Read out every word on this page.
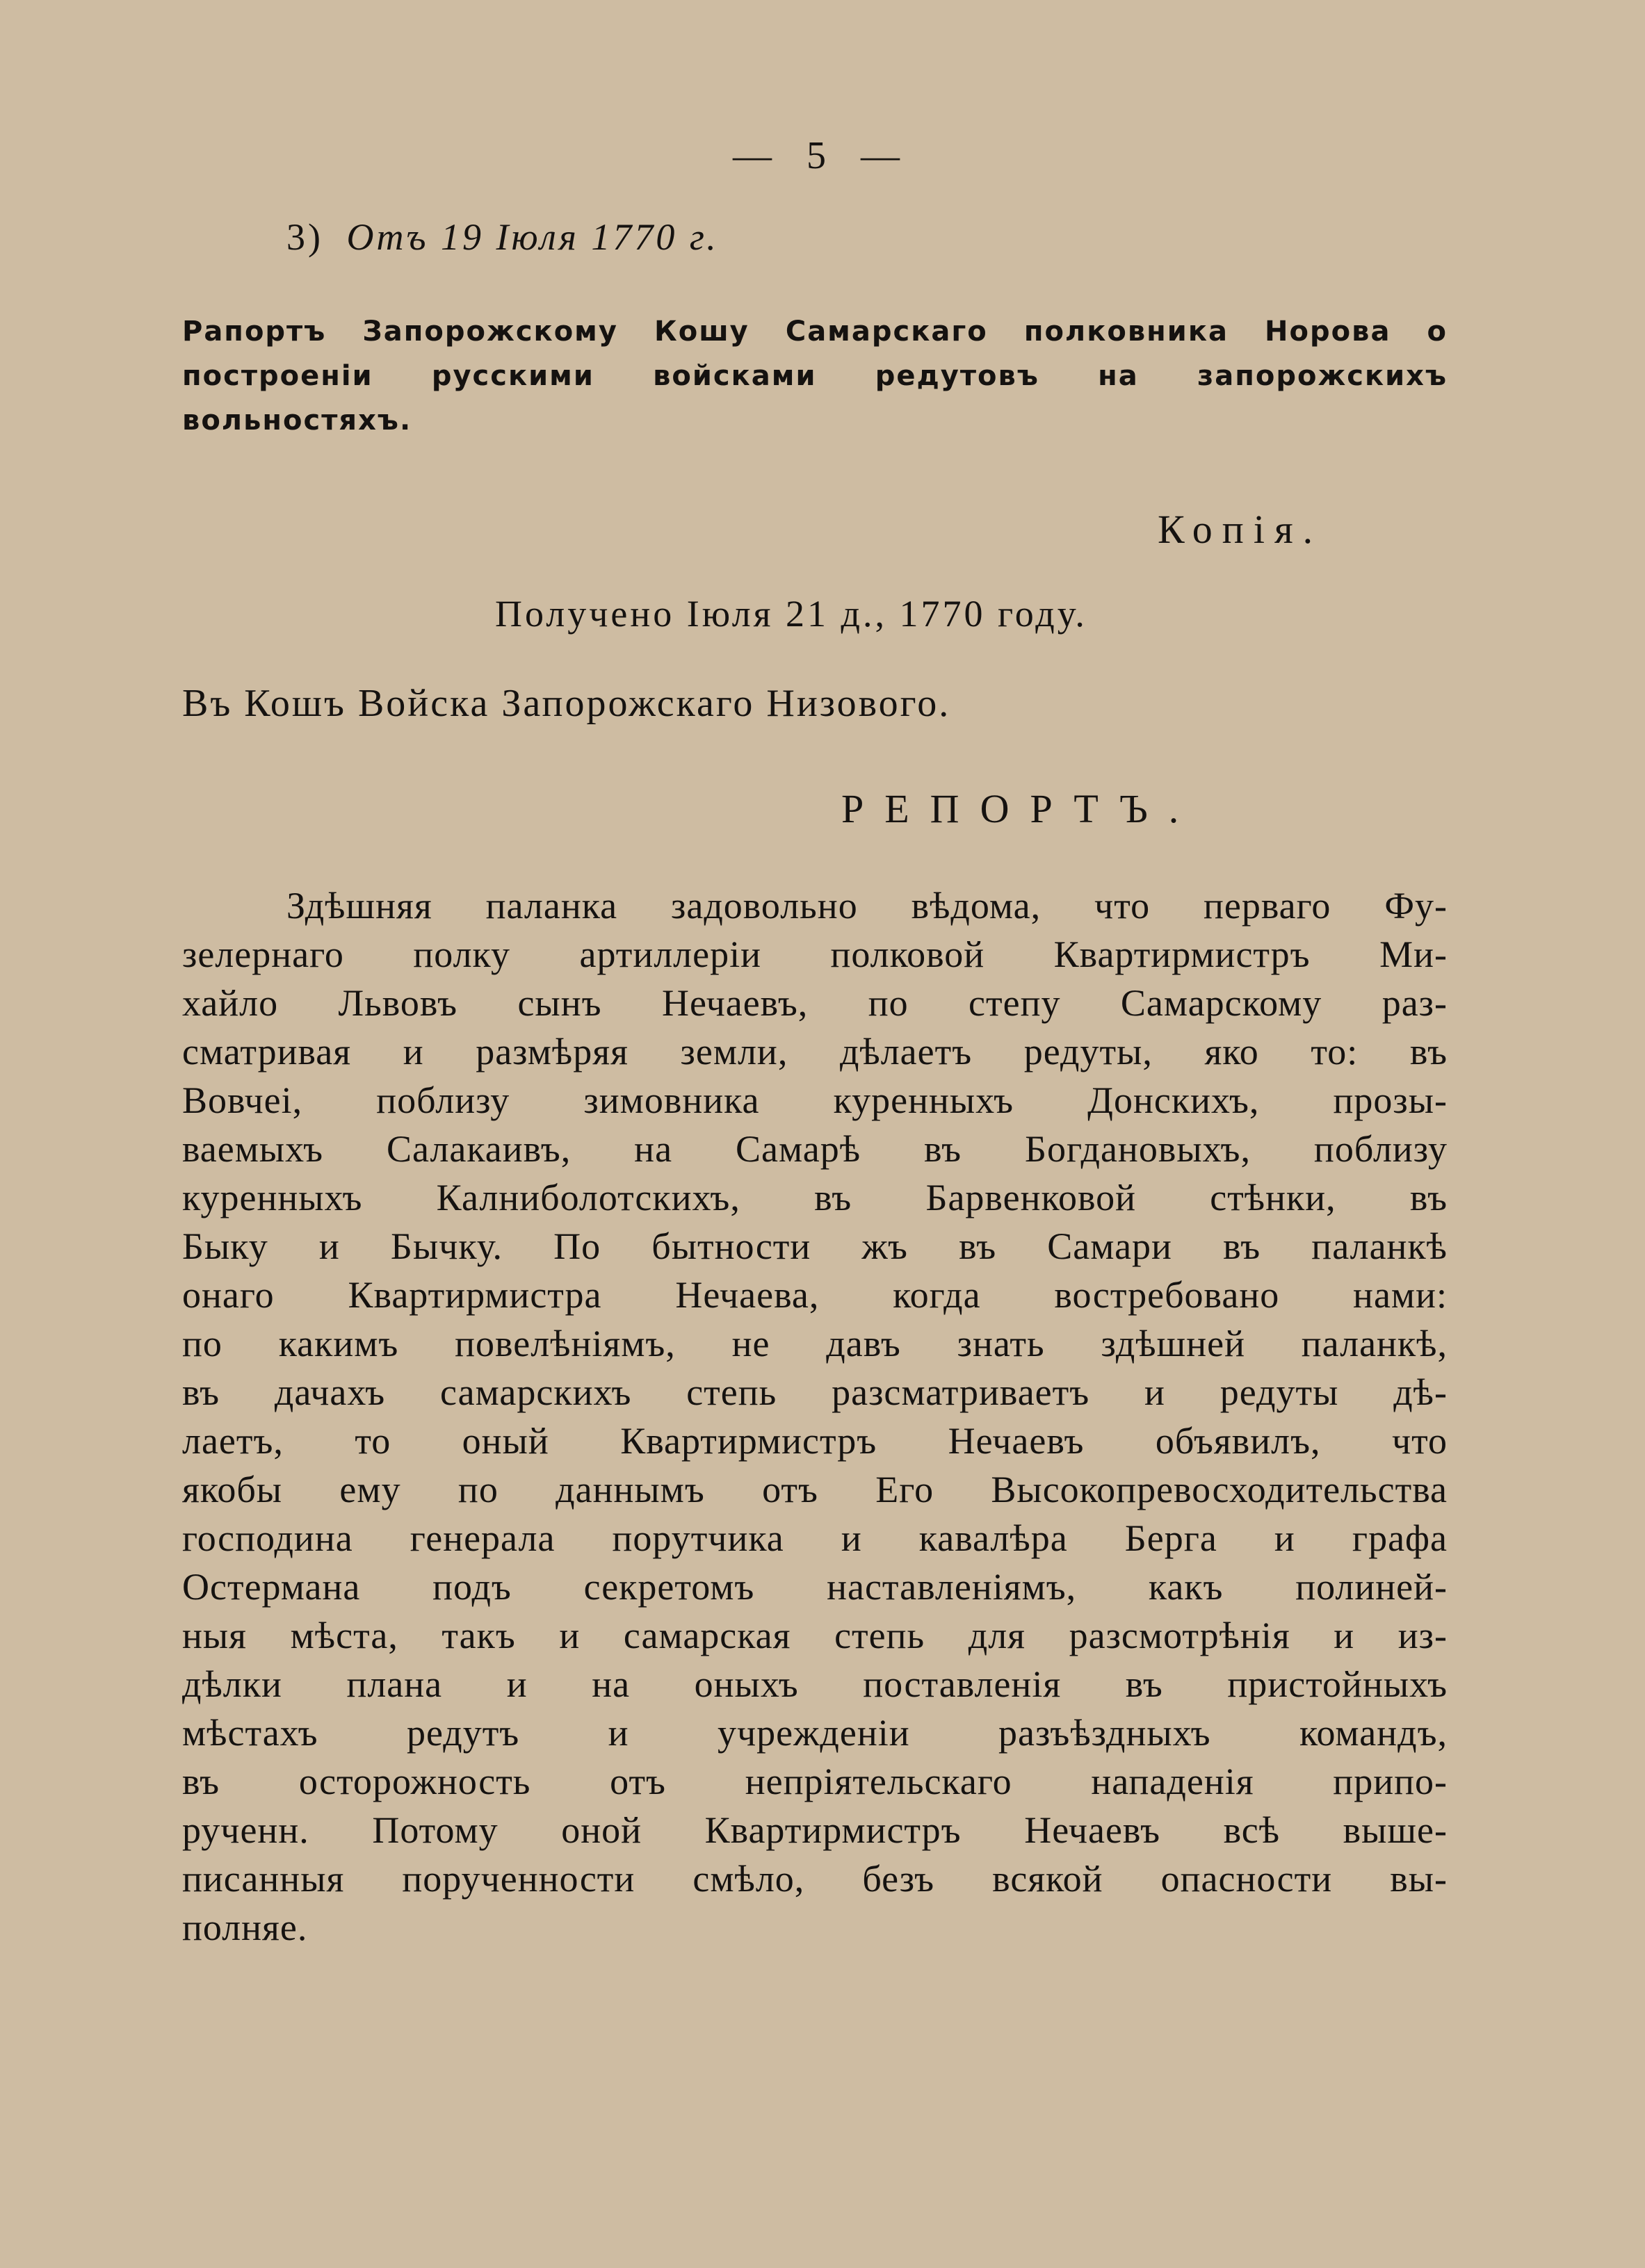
— 5 —
3) Отъ 19 Іюля 1770 г.
Рапортъ Запорожскому Кошу Самарскаго полковника Норова о построеніи русскими войсками редутовъ на запорожскихъ вольностяхъ.
Копія.
Получено Іюля 21 д., 1770 году.
Въ Кошъ Войска Запорожскаго Низового.
РЕПОРТЪ.
Здѣшняя паланка задовольно вѣдома, что перваго Фу-
зелернаго полку артиллеріи полковой Квартирмистръ Ми-
хайло Львовъ сынъ Нечаевъ, по степу Самарскому раз-
сматривая и размѣряя земли, дѣлаетъ редуты, яко то: въ
Вовчеі, поблизу зимовника куренныхъ Донскихъ, прозы-
ваемыхъ Салакаивъ, на Самарѣ въ Богдановыхъ, поблизу
куренныхъ Калниболотскихъ, въ Барвенковой стѣнки, въ
Быку и Бычку. По бытности жъ въ Самари въ паланкѣ
онаго Квартирмистра Нечаева, когда востребовано нами:
по какимъ повелѣніямъ, не давъ знать здѣшней паланкѣ,
въ дачахъ самарскихъ степь разсматриваетъ и редуты дѣ-
лаетъ, то оный Квартирмистръ Нечаевъ объявилъ, что
якобы ему по даннымъ отъ Его Высокопревосходительства
господина генерала порутчика и кавалѣра Берга и графа
Остермана подъ секретомъ наставленіямъ, какъ полиней-
ныя мѣста, такъ и самарская степь для разсмотрѣнія и из-
дѣлки плана и на оныхъ поставленія въ пристойныхъ
мѣстахъ редутъ и учрежденіи разъѣздныхъ командъ,
въ осторожность отъ непріятельскаго нападенія припо-
рученн. Потому оной Квартирмистръ Нечаевъ всѣ выше-
писанныя порученности смѣло, безъ всякой опасности вы-
полняе.
